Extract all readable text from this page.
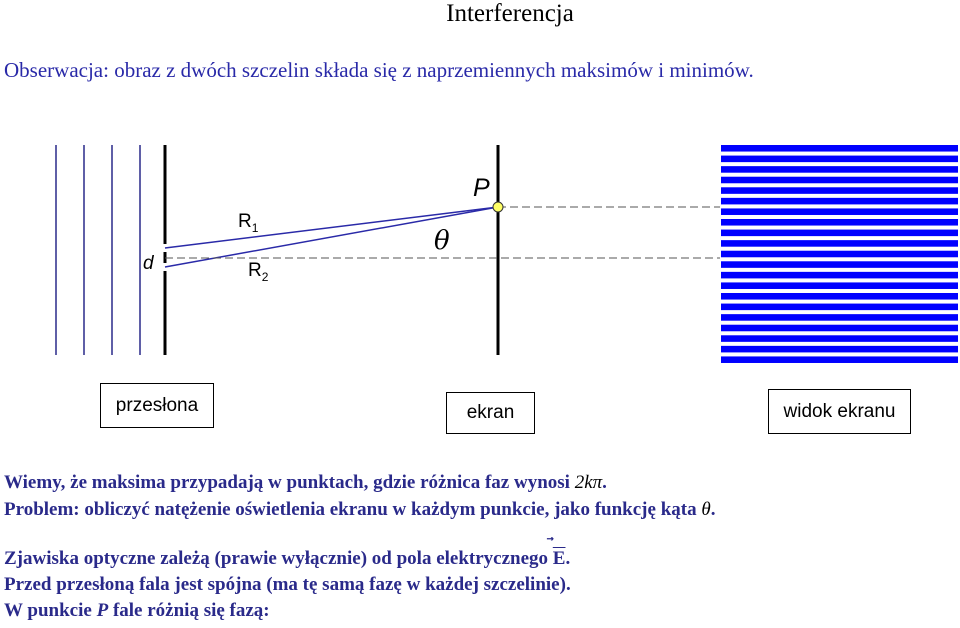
Interferencja
Obserwacja: obraz z dwóch szczelin składa się z naprzemiennych maksimów i minimów.
d
$R_1$
$R_2$
θ
P
przesłona	ekran	widok ekranu
Wiemy, że maksima przypadają w punktach, gdzie różnica faz wynosi 2kπ.
Problem: obliczyć natężenie oświetlenia ekranu w każdym punkcie, jako funkcję kąta θ.
Zjawiska optyczne zależą (prawie wyłącznie) od pola elektrycznego $\overline{E}$.
Przed przesłoną fala jest spójna (ma tę samą fazę w każdej szczelinie).
W punkcie P fale różnią się fazą:
